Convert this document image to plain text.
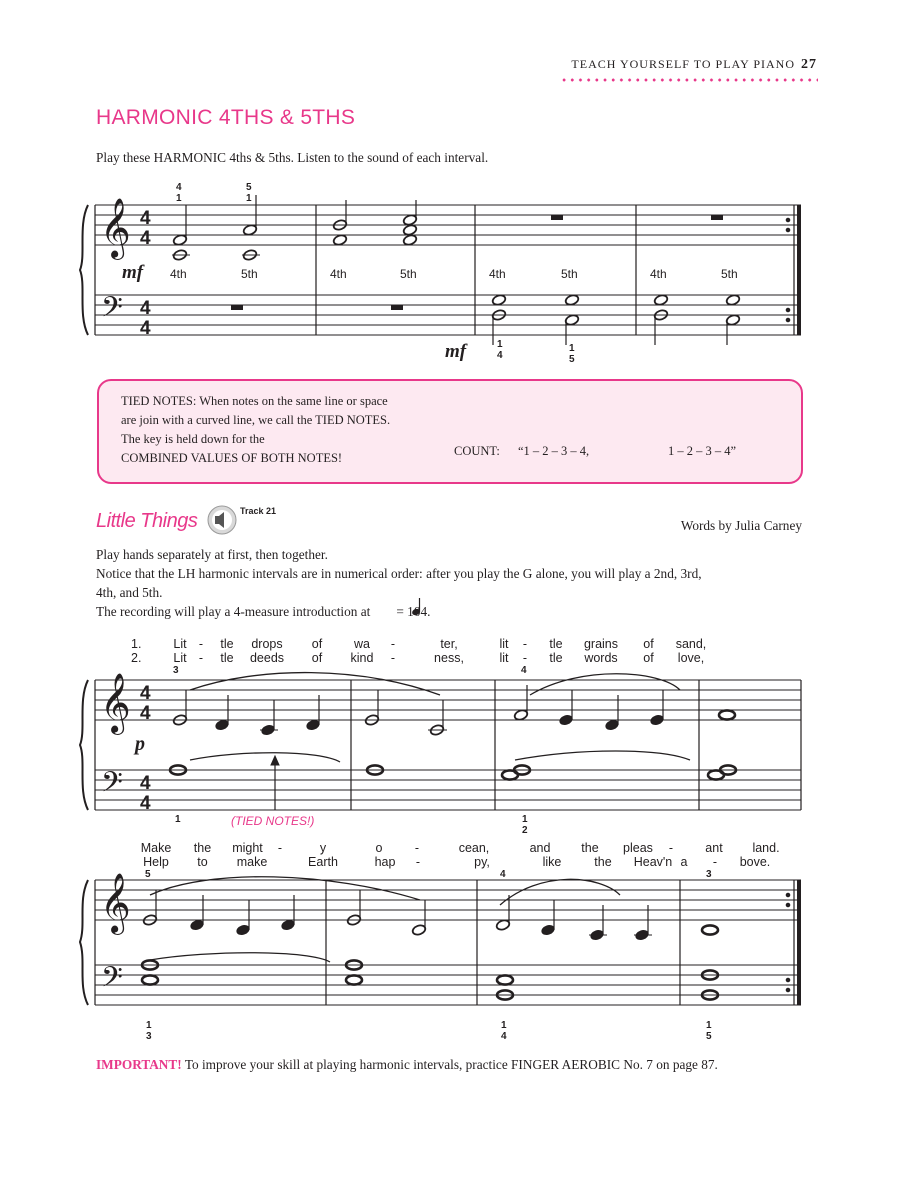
TEACH YOURSELF TO PLAY PIANO 27
HARMONIC 4THS & 5THS
Play these HARMONIC 4ths & 5ths. Listen to the sound of each interval.
𝄞
𝄢
4
4
4
4
𝄞
𝄢
4
4
4
4
𝄞
𝄢
4
1
5
1
mf
mf
4th	5th	4th	5th	4th	5th	4th	5th
1
4
1
5
TIED NOTES: When notes on the same line or space
are join with a curved line, we call the TIED NOTES.
The key is held down for the
COMBINED VALUES OF BOTH NOTES!	COUNT: “1 – 2 – 3 – 4,	1 – 2 – 3 – 4”
Little Things	Track 21
Words by Julia Carney
Play hands separately at first, then together.
Notice that the LH harmonic intervals are in numerical order: after you play the G alone, you will play a 2nd, 3rd,
4th, and 5th.
The recording will play a 4-measure introduction at = 104.
1.
2.
Lit - tle drops of	wa -	ter,	lit - tle grains of sand,
Lit - tle deeds of kind -	ness,	lit - tle words of love,
3	4
p
1	(TIED NOTES!)	1
2
Make the might -	y	o	-	cean,	and the pleas -	ant land.
Help to make	Earth	hap -	py,	like	the Heav'n a - bove.
5	4	3
1
3
1
4
1
5
IMPORTANT! To improve your skill at playing harmonic intervals, practice FINGER AEROBIC No. 7 on page 87.
